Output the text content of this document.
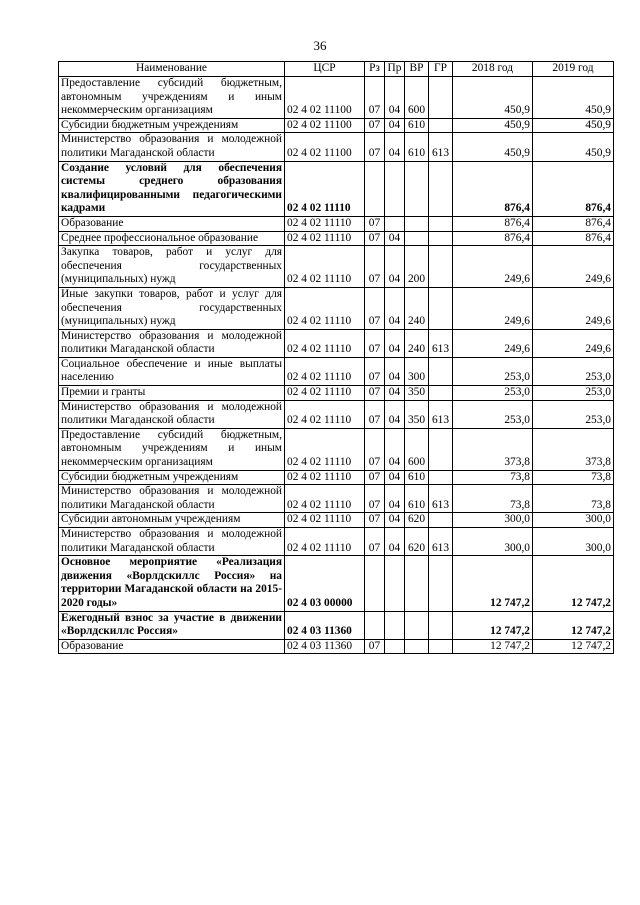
36
Наименование	ЦСР	Рз	Пр	ВР	ГР	2018 год	2019 год
Предоставление субсидий бюджетным, автономным учреждениям и иным некоммерческим организациям	02 4 02 11100	07	04	600		450,9	450,9
Субсидии бюджетным учреждениям	02 4 02 11100	07	04	610		450,9	450,9
Министерство образования и молодежной политики Магаданской области	02 4 02 11100	07	04	610	613	450,9	450,9
Создание условий для обеспечения системы среднего образования квалифицированными педагогическими кадрами	02 4 02 11110					876,4	876,4
Образование	02 4 02 11110	07				876,4	876,4
Среднее профессиональное образование	02 4 02 11110	07	04			876,4	876,4
Закупка товаров, работ и услуг для обеспечения государственных (муниципальных) нужд	02 4 02 11110	07	04	200		249,6	249,6
Иные закупки товаров, работ и услуг для обеспечения государственных (муниципальных) нужд	02 4 02 11110	07	04	240		249,6	249,6
Министерство образования и молодежной политики Магаданской области	02 4 02 11110	07	04	240	613	249,6	249,6
Социальное обеспечение и иные выплаты населению	02 4 02 11110	07	04	300		253,0	253,0
Премии и гранты	02 4 02 11110	07	04	350		253,0	253,0
Министерство образования и молодежной политики Магаданской области	02 4 02 11110	07	04	350	613	253,0	253,0
Предоставление субсидий бюджетным, автономным учреждениям и иным некоммерческим организациям	02 4 02 11110	07	04	600		373,8	373,8
Субсидии бюджетным учреждениям	02 4 02 11110	07	04	610		73,8	73,8
Министерство образования и молодежной политики Магаданской области	02 4 02 11110	07	04	610	613	73,8	73,8
Субсидии автономным учреждениям	02 4 02 11110	07	04	620		300,0	300,0
Министерство образования и молодежной политики Магаданской области	02 4 02 11110	07	04	620	613	300,0	300,0
Основное мероприятие «Реализация движения «Ворлдскиллс Россия» на территории Магаданской области на 2015-2020 годы»	02 4 03 00000					12 747,2	12 747,2
Ежегодный взнос за участие в движении «Ворлдскиллс Россия»	02 4 03 11360					12 747,2	12 747,2
Образование	02 4 03 11360	07				12 747,2	12 747,2
